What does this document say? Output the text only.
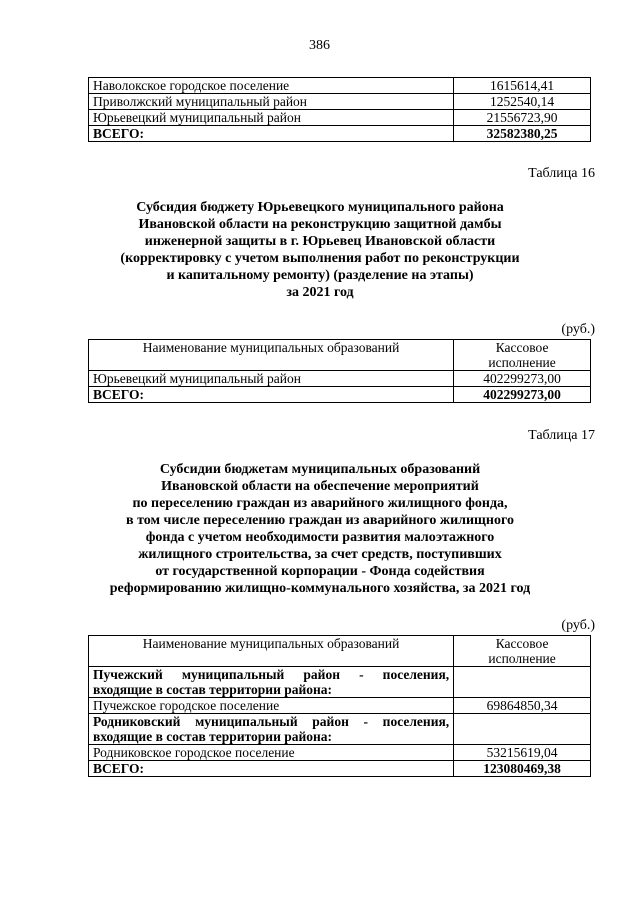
386
Наволокское городское поселение	1615614,41
Приволжский муниципальный район	1252540,14
Юрьевецкий муниципальный район	21556723,90
ВСЕГО:	32582380,25
Таблица 16
Субсидия бюджету Юрьевецкого муниципального района
Ивановской области на реконструкцию защитной дамбы
инженерной защиты в г. Юрьевец Ивановской области
(корректировку с учетом выполнения работ по реконструкции
и капитальному ремонту) (разделение на этапы)
за 2021 год
(руб.)
Наименование муниципальных образований	Кассовое
исполнение

Юрьевецкий муниципальный район	402299273,00
ВСЕГО:	402299273,00
Таблица 17
Субсидии бюджетам муниципальных образований
Ивановской области на обеспечение мероприятий
по переселению граждан из аварийного жилищного фонда,
в том числе переселению граждан из аварийного жилищного
фонда с учетом необходимости развития малоэтажного
жилищного строительства, за счет средств, поступивших
от государственной корпорации - Фонда содействия
реформированию жилищно-коммунального хозяйства, за 2021 год
(руб.)
Наименование муниципальных образований	Кассовое
исполнение

Пучежский муниципальный район - поселения,
входящие в состав территории района:	

Пучежское городское поселение	69864850,34

Родниковский муниципальный район - поселения,
входящие в состав территории района:	

Родниковское городское поселение	53215619,04
ВСЕГО:	123080469,38
